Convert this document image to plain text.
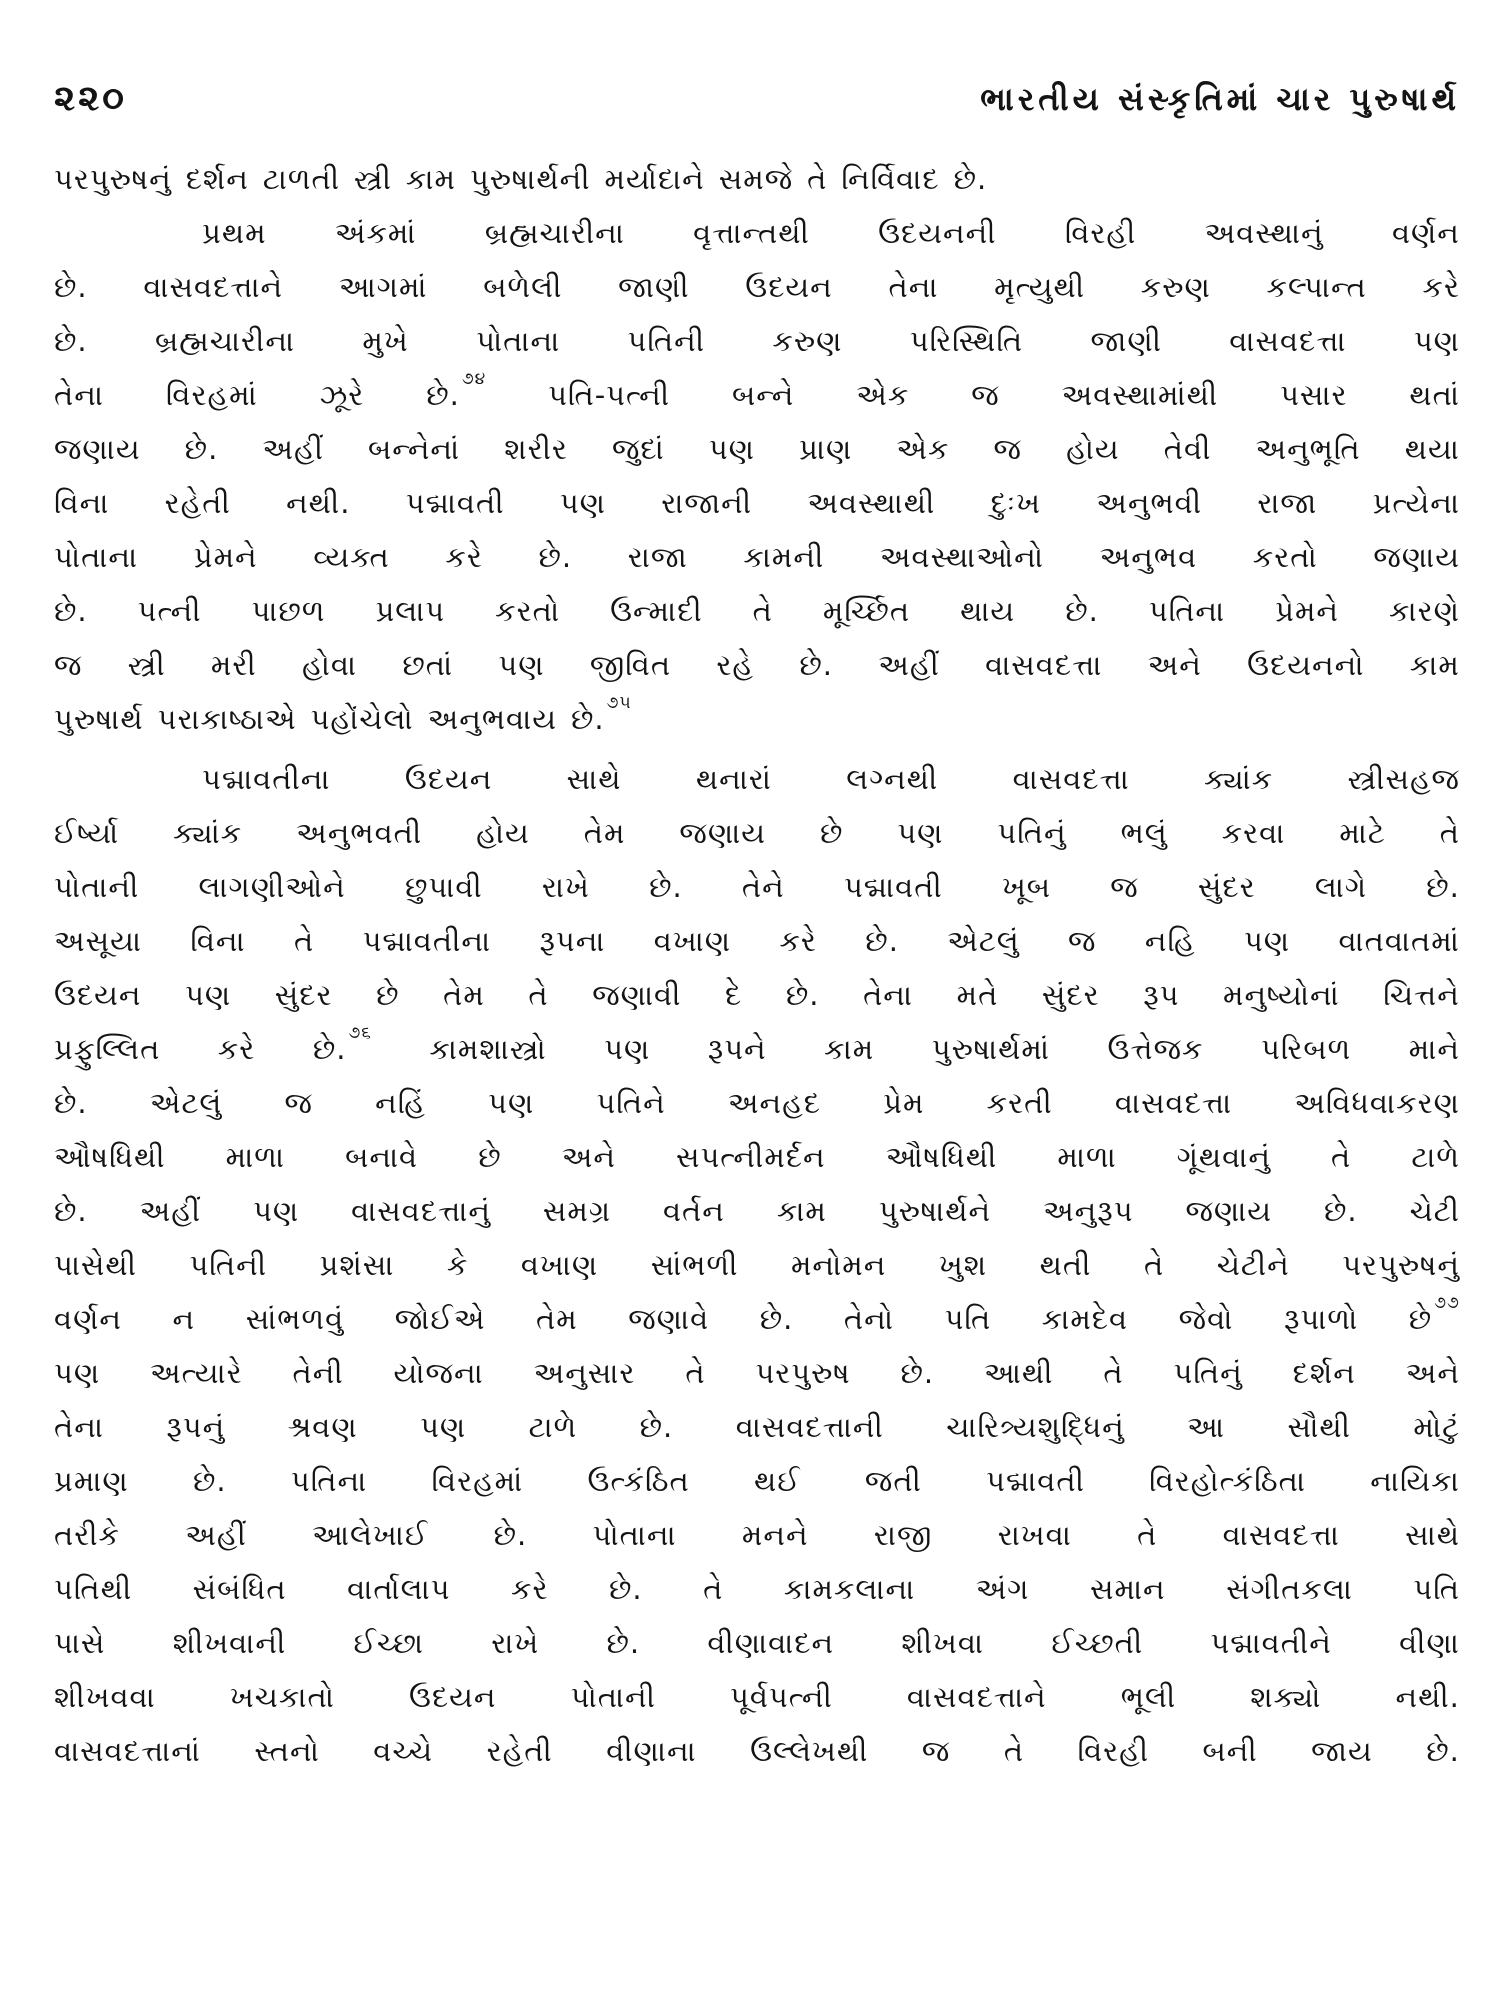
૨૨૦	ભારતીય સંસ્કૃતિમાં ચાર પુરુષાર્થ
પરપુરુષનું દર્શન ટાળતી સ્ત્રી કામ પુરુષાર્થની મર્યાદાને સમજે તે નિર્વિવાદ છે.
પ્રથમ અંકમાં બ્રહ્મચારીના વૃત્તાન્તથી ઉદયનની વિરહી અવસ્થાનું વર્ણન
છે. વાસવદત્તાને આગમાં બળેલી જાણી ઉદયન તેના મૃત્યુથી કરુણ કલ્પાન્ત કરે
છે. બ્રહ્મચારીના મુખે પોતાના પતિની કરુણ પરિસ્થિતિ જાણી વાસવદત્તા પણ
તેના વિરહમાં ઝૂરે છે. $^{૭૪}$ પતિ-પત્ની બન્ને એક જ અવસ્થામાંથી પસાર થતાં
જણાય છે. અહીં બન્નેનાં શરીર જુદાં પણ પ્રાણ એક જ હોય તેવી અનુભૂતિ થયા
વિના રહેતી નથી. પદ્માવતી પણ રાજાની અવસ્થાથી દુઃખ અનુભવી રાજા પ્રત્યેના
પોતાના પ્રેમને વ્યક્ત કરે છે. રાજા કામની અવસ્થાઓનો અનુભવ કરતો જણાય
છે. પત્ની પાછળ પ્રલાપ કરતો ઉન્માદી તે મૂર્ચ્છિત થાય છે. પતિના પ્રેમને કારણે
જ સ્ત્રી મરી હોવા છતાં પણ જીવિત રહે છે. અહીં વાસવદત્તા અને ઉદયનનો કામ
પુરુષાર્થ પરાકાષ્ઠાએ પહોંચેલો અનુભવાય છે. $^{૭૫}$
પદ્માવતીના	ઉદયન	સાથે	થનારાં	લગ્નથી	વાસવદત્તા	ક્યાંક	સ્ત્રીસહજ
ઈર્ષ્યા ક્યાંક અનુભવતી હોય તેમ જણાય છે પણ પતિનું ભલું કરવા માટે તે
પોતાની લાગણીઓને છુપાવી રાખે છે. તેને પદ્માવતી ખૂબ જ સુંદર લાગે છે.
અસૂયા વિના તે પદ્માવતીના રૂપના વખાણ કરે છે. એટલું જ નહિ પણ વાતવાતમાં
ઉદયન પણ સુંદર છે તેમ તે જણાવી દે છે. તેના મતે સુંદર રૂપ મનુષ્યોનાં ચિત્તને
પ્રફુલ્લિત કરે છે. $^{૭૬}$ કામશાસ્ત્રો પણ રૂપને કામ પુરુષાર્થમાં ઉત્તેજક પરિબળ માને
છે. એટલું જ નહિં પણ પતિને અનહદ પ્રેમ કરતી વાસવદત્તા અવિધવાકરણ
ઔષધિથી માળા બનાવે છે અને સપત્નીમર્દન ઔષધિથી માળા ગૂંથવાનું તે ટાળે
છે. અહીં પણ વાસવદત્તાનું સમગ્ર વર્તન કામ પુરુષાર્થને અનુરૂપ જણાય છે. ચેટી
પાસેથી પતિની પ્રશંસા કે વખાણ સાંભળી મનોમન ખુશ થતી તે ચેટીને પરપુરુષનું
વર્ણન ન સાંભળવું જોઈએ તેમ જણાવે છે. તેનો પતિ કામદેવ જેવો રૂપાળો છે $^{૭૭}$
પણ અત્યારે તેની યોજના અનુસાર તે પરપુરુષ છે. આથી તે પતિનું દર્શન અને
તેના રૂપનું શ્રવણ પણ ટાળે છે. વાસવદત્તાની ચારિત્ર્યશુદ્ધિનું આ સૌથી મોટું
પ્રમાણ છે. પતિના વિરહમાં ઉત્કંઠિત થઈ જતી પદ્માવતી વિરહોત્કંઠિતા નાયિકા
તરીકે અહીં આલેખાઈ છે. પોતાના મનને રાજી રાખવા તે વાસવદત્તા સાથે
પતિથી સંબંધિત વાર્તાલાપ કરે છે. તે કામકલાના અંગ સમાન સંગીતકલા પતિ
પાસે શીખવાની ઈચ્છા રાખે છે. વીણાવાદન શીખવા ઈચ્છતી પદ્માવતીને વીણા
શીખવવા	ખચકાતો	ઉદયન	પોતાની	પૂર્વપત્ની	વાસવદત્તાને	ભૂલી	શક્યો	નથી.
વાસવદત્તાનાં સ્તનો વચ્ચે રહેતી વીણાના ઉલ્લેખથી જ તે વિરહી બની જાય છે.
